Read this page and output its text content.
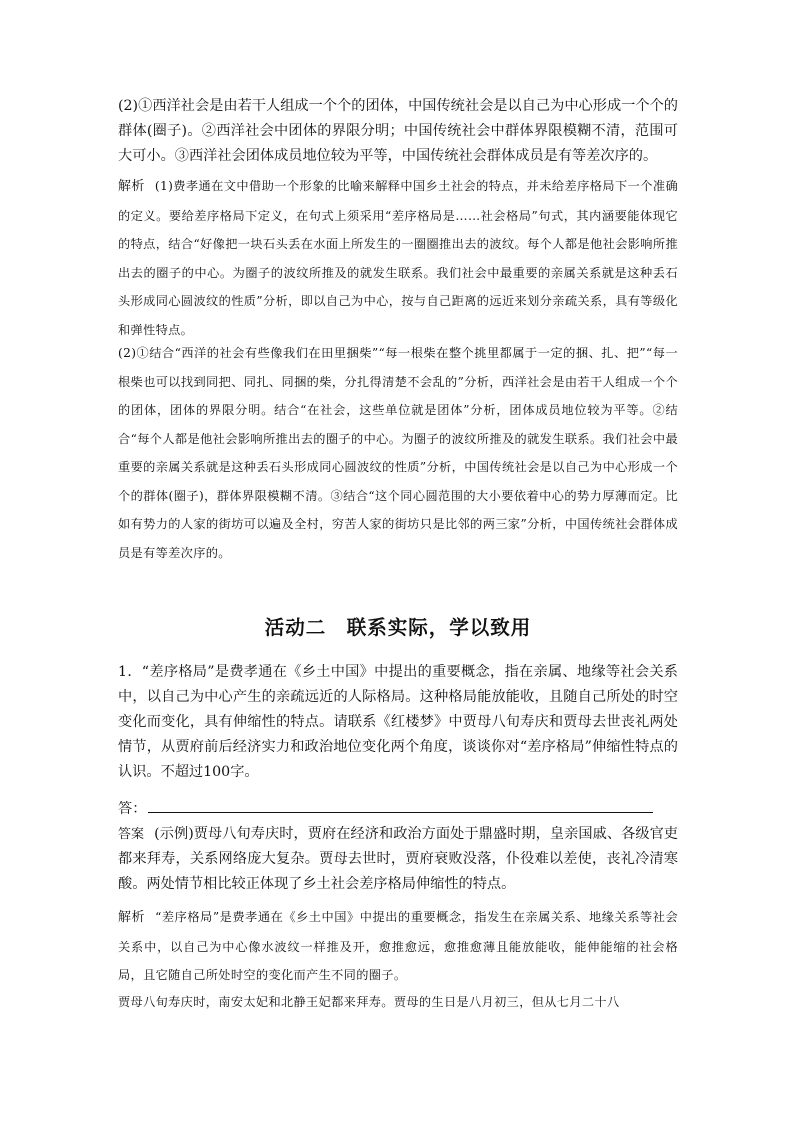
(2)①西洋社会是由若干人组成一个个的团体，中国传统社会是以自己为中心形成一个个的群体(圈子)。②西洋社会中团体的界限分明；中国传统社会中群体界限模糊不清，范围可大可小。③西洋社会团体成员地位较为平等，中国传统社会群体成员是有等差次序的。

解析 (1)费孝通在文中借助一个形象的比喻来解释中国乡土社会的特点，并未给差序格局下一个准确的定义。要给差序格局下定义，在句式上须采用“差序格局是……社会格局”句式，其内涵要能体现它的特点，结合“好像把一块石头丢在水面上所发生的一圈圈推出去的波纹。每个人都是他社会影响所推出去的圈子的中心。为圈子的波纹所推及的就发生联系。我们社会中最重要的亲属关系就是这种丢石头形成同心圆波纹的性质”分析，即以自己为中心，按与自己距离的远近来划分亲疏关系，具有等级化和弹性特点。

(2)①结合“西洋的社会有些像我们在田里捆柴”“每一根柴在整个挑里都属于一定的捆、扎、把”“每一根柴也可以找到同把、同扎、同捆的柴，分扎得清楚不会乱的”分析，西洋社会是由若干人组成一个个的团体，团体的界限分明。结合“在社会，这些单位就是团体”分析，团体成员地位较为平等。②结合“每个人都是他社会影响所推出去的圈子的中心。为圈子的波纹所推及的就发生联系。我们社会中最重要的亲属关系就是这种丢石头形成同心圆波纹的性质”分析，中国传统社会是以自己为中心形成一个个的群体(圈子)，群体界限模糊不清。③结合“这个同心圆范围的大小要依着中心的势力厚薄而定。比如有势力的人家的街坊可以遍及全村，穷苦人家的街坊只是比邻的两三家”分析，中国传统社会群体成员是有等差次序的。

活动二　联系实际，学以致用

1．“差序格局”是费孝通在《乡土中国》中提出的重要概念，指在亲属、地缘等社会关系中，以自己为中心产生的亲疏远近的人际格局。这种格局能放能收，且随自己所处的时空变化而变化，具有伸缩性的特点。请联系《红楼梦》中贾母八旬寿庆和贾母去世丧礼两处情节，从贾府前后经济实力和政治地位变化两个角度，谈谈你对“差序格局”伸缩性特点的认识。不超过100字。

答：

答案 (示例)贾母八旬寿庆时，贾府在经济和政治方面处于鼎盛时期，皇亲国戚、各级官吏都来拜寿，关系网络庞大复杂。贾母去世时，贾府衰败没落，仆役难以差使，丧礼冷清寒酸。两处情节相比较正体现了乡土社会差序格局伸缩性的特点。

解析 “差序格局”是费孝通在《乡土中国》中提出的重要概念，指发生在亲属关系、地缘关系等社会关系中，以自己为中心像水波纹一样推及开，愈推愈远，愈推愈薄且能放能收，能伸能缩的社会格局，且它随自己所处时空的变化而产生不同的圈子。

贾母八旬寿庆时，南安太妃和北静王妃都来拜寿。贾母的生日是八月初三，但从七月二十八
